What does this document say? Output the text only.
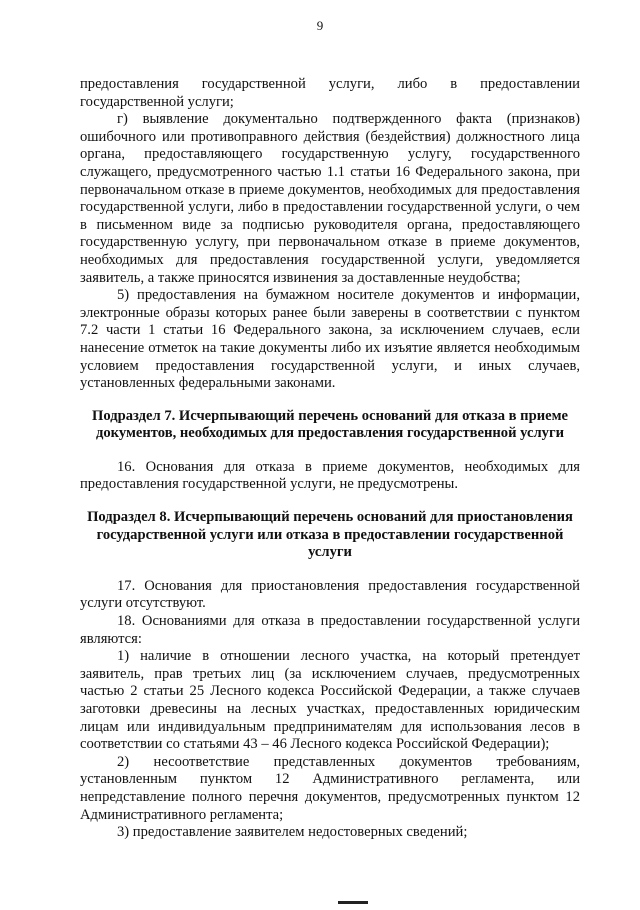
9

предоставления государственной услуги, либо в предоставлении государственной услуги;

г) выявление документально подтвержденного факта (признаков) ошибочного или противоправного действия (бездействия) должностного лица органа, предоставляющего государственную услугу, государственного служащего, предусмотренного частью 1.1 статьи 16 Федерального закона, при первоначальном отказе в приеме документов, необходимых для предоставления государственной услуги, либо в предоставлении государственной услуги, о чем в письменном виде за подписью руководителя органа, предоставляющего государственную услугу, при первоначальном отказе в приеме документов, необходимых для предоставления государственной услуги, уведомляется заявитель, а также приносятся извинения за доставленные неудобства;

5) предоставления на бумажном носителе документов и информации, электронные образы которых ранее были заверены в соответствии с пунктом 7.2 части 1 статьи 16 Федерального закона, за исключением случаев, если нанесение отметок на такие документы либо их изъятие является необходимым условием предоставления государственной услуги, и иных случаев, установленных федеральными законами.

Подраздел 7. Исчерпывающий перечень оснований для отказа в приеме документов, необходимых для предоставления государственной услуги

16. Основания для отказа в приеме документов, необходимых для предоставления государственной услуги, не предусмотрены.

Подраздел 8. Исчерпывающий перечень оснований для приостановления государственной услуги или отказа в предоставлении государственной услуги

17. Основания для приостановления предоставления государственной услуги отсутствуют.

18. Основаниями для отказа в предоставлении государственной услуги являются:

1) наличие в отношении лесного участка, на который претендует заявитель, прав третьих лиц (за исключением случаев, предусмотренных частью 2 статьи 25 Лесного кодекса Российской Федерации, а также случаев заготовки древесины на лесных участках, предоставленных юридическим лицам или индивидуальным предпринимателям для использования лесов в соответствии со статьями 43 – 46 Лесного кодекса Российской Федерации);

2) несоответствие представленных документов требованиям, установленным пунктом 12 Административного регламента, или непредставление полного перечня документов, предусмотренных пунктом 12 Административного регламента;

3) предоставление заявителем недостоверных сведений;
